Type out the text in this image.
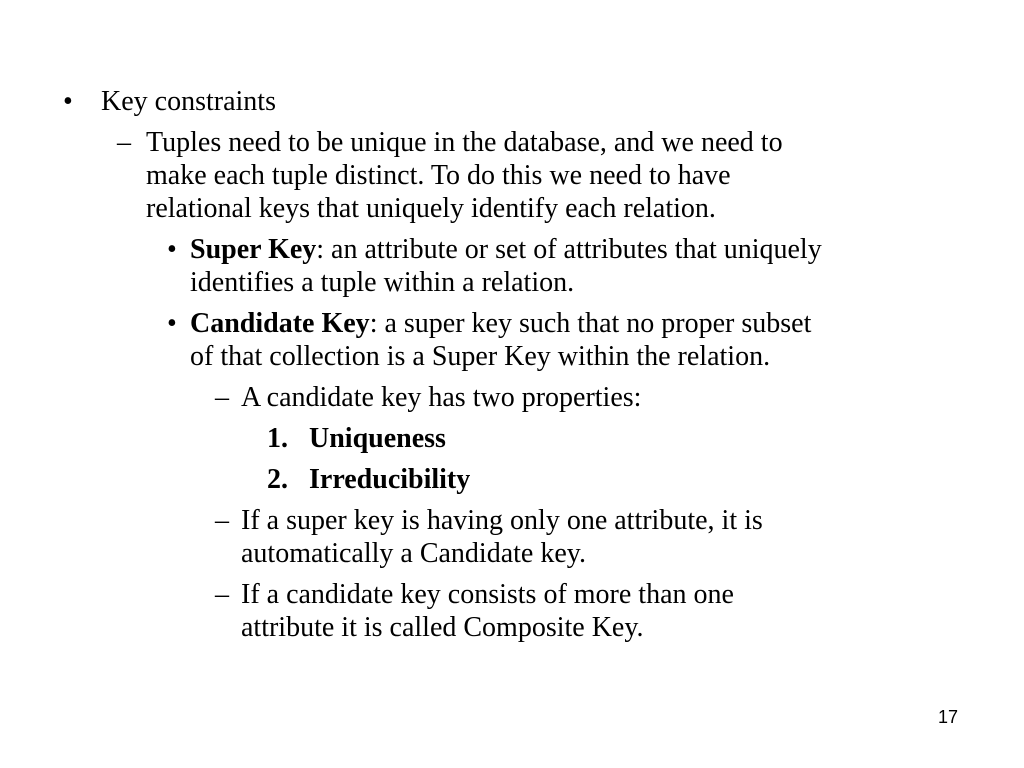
• Key constraints
– Tuples need to be unique in the database, and we need to
make each tuple distinct. To do this we need to have
relational keys that uniquely identify each relation.
• Super Key: an attribute or set of attributes that uniquely
identifies a tuple within a relation.
• Candidate Key: a super key such that no proper subset
of that collection is a Super Key within the relation.
– A candidate key has two properties:
1. Uniqueness
2. Irreducibility
– If a super key is having only one attribute, it is
automatically a Candidate key.
– If a candidate key consists of more than one
attribute it is called Composite Key.
17
